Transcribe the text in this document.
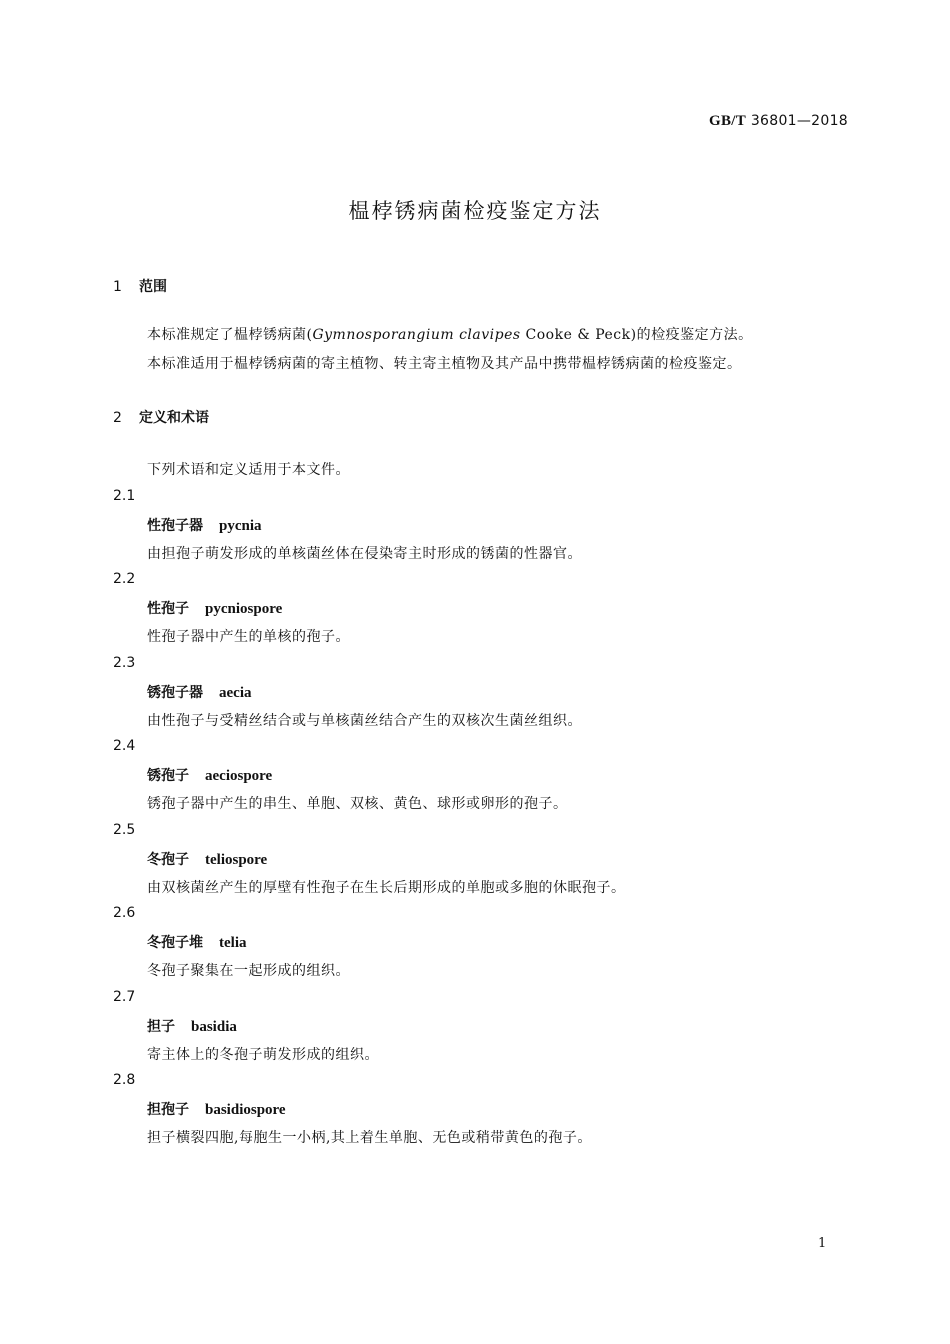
GB/T 36801—2018
榅桲锈病菌检疫鉴定方法
1 范围
本标准规定了榅桲锈病菌(Gymnosporangium clavipes Cooke & Peck)的检疫鉴定方法。
本标准适用于榅桲锈病菌的寄主植物、转主寄主植物及其产品中携带榅桲锈病菌的检疫鉴定。
2 定义和术语
下列术语和定义适用于本文件。
2.1
性孢子器 pycnia
由担孢子萌发形成的单核菌丝体在侵染寄主时形成的锈菌的性器官。
2.2
性孢子 pycniospore
性孢子器中产生的单核的孢子。
2.3
锈孢子器 aecia
由性孢子与受精丝结合或与单核菌丝结合产生的双核次生菌丝组织。
2.4
锈孢子 aeciospore
锈孢子器中产生的串生、单胞、双核、黄色、球形或卵形的孢子。
2.5
冬孢子 teliospore
由双核菌丝产生的厚壁有性孢子在生长后期形成的单胞或多胞的休眠孢子。
2.6
冬孢子堆 telia
冬孢子聚集在一起形成的组织。
2.7
担子 basidia
寄主体上的冬孢子萌发形成的组织。
2.8
担孢子 basidiospore
担子横裂四胞,每胞生一小柄,其上着生单胞、无色或稍带黄色的孢子。
1
